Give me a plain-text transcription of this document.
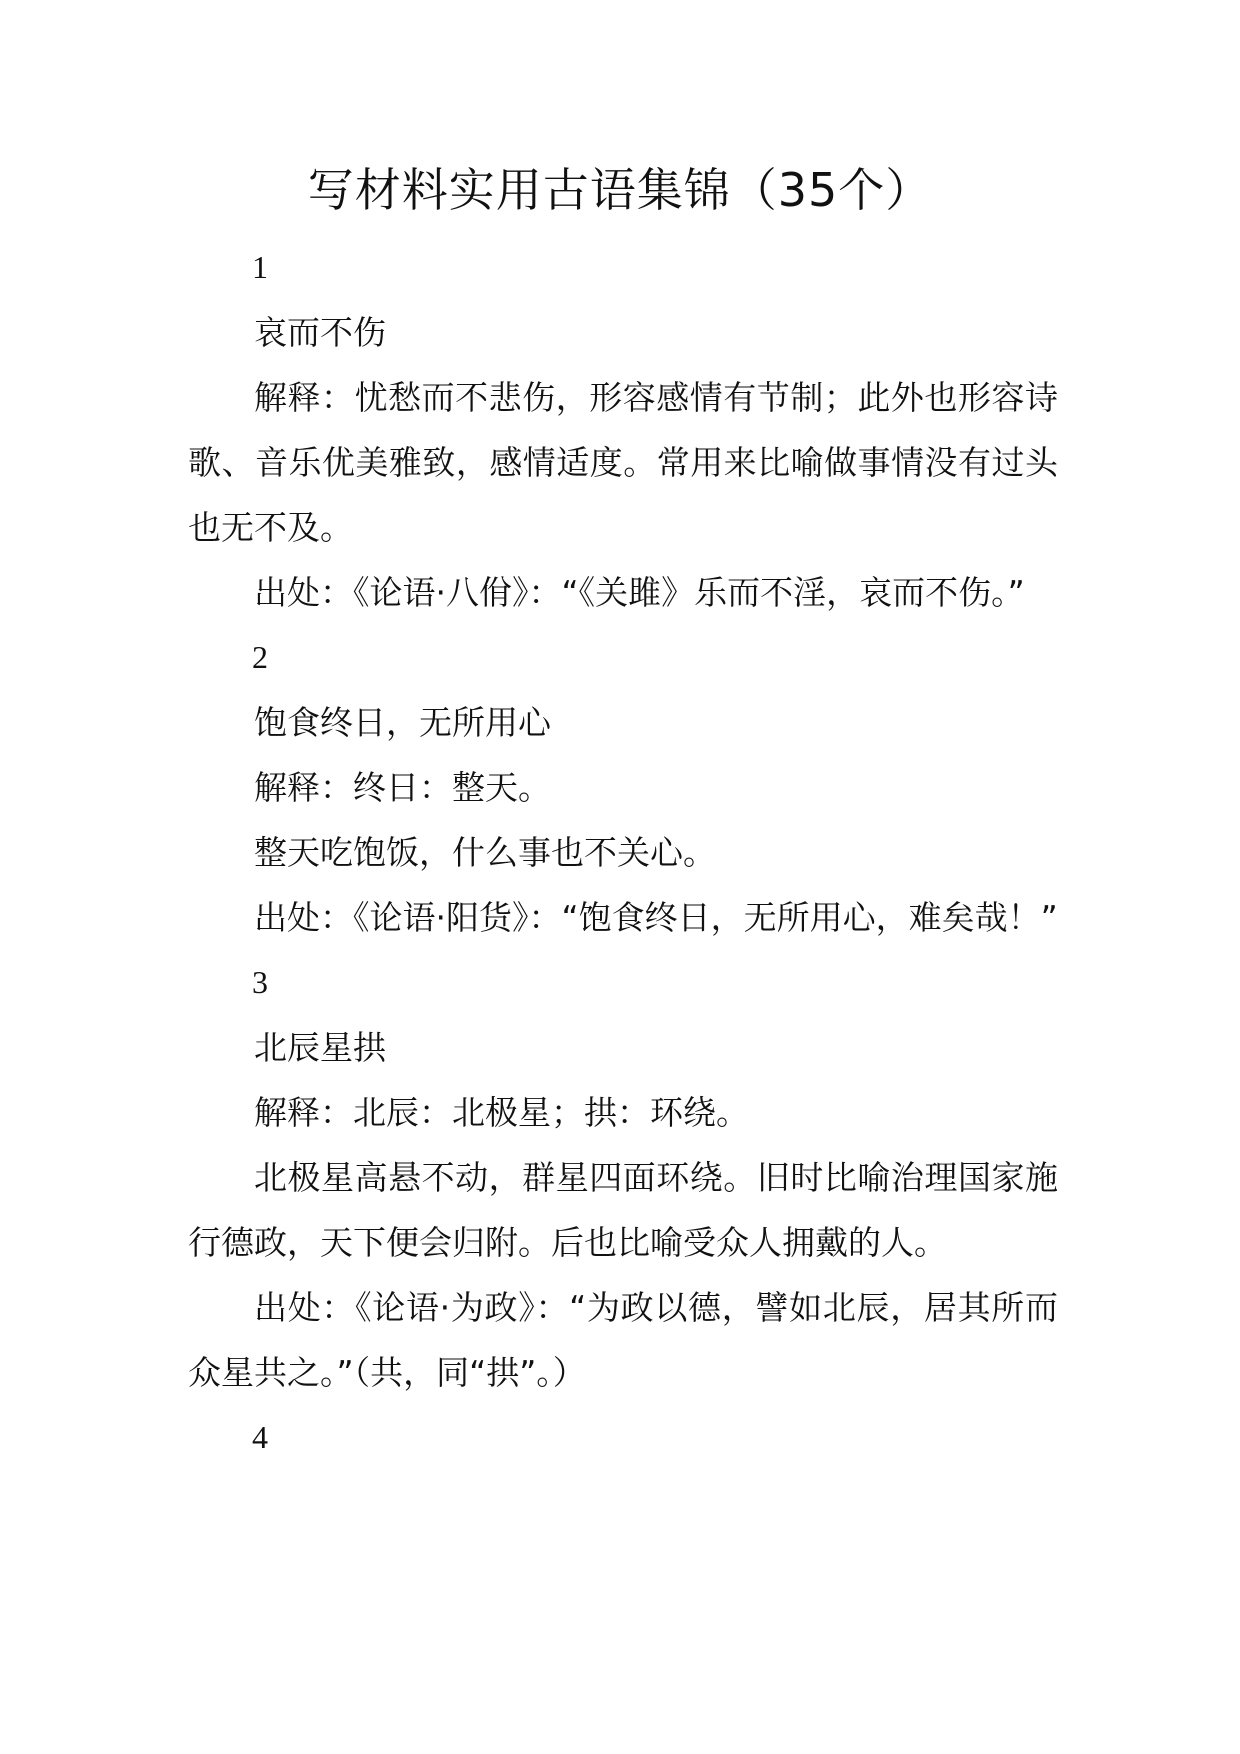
写材料实用古语集锦（35个）

1

哀而不伤

解释：忧愁而不悲伤，形容感情有节制；此外也形容诗歌、音乐优美雅致，感情适度。常用来比喻做事情没有过头也无不及。

出处：《论语·八佾》：“《关雎》乐而不淫，哀而不伤。”

2

饱食终日，无所用心

解释：终日：整天。

整天吃饱饭，什么事也不关心。

出处：《论语·阳货》：“饱食终日，无所用心，难矣哉！”

3

北辰星拱

解释：北辰：北极星；拱：环绕。

北极星高悬不动，群星四面环绕。旧时比喻治理国家施行德政，天下便会归附。后也比喻受众人拥戴的人。

出处：《论语·为政》：“为政以德，譬如北辰，居其所而众星共之。”（共，同“拱”。）

4
